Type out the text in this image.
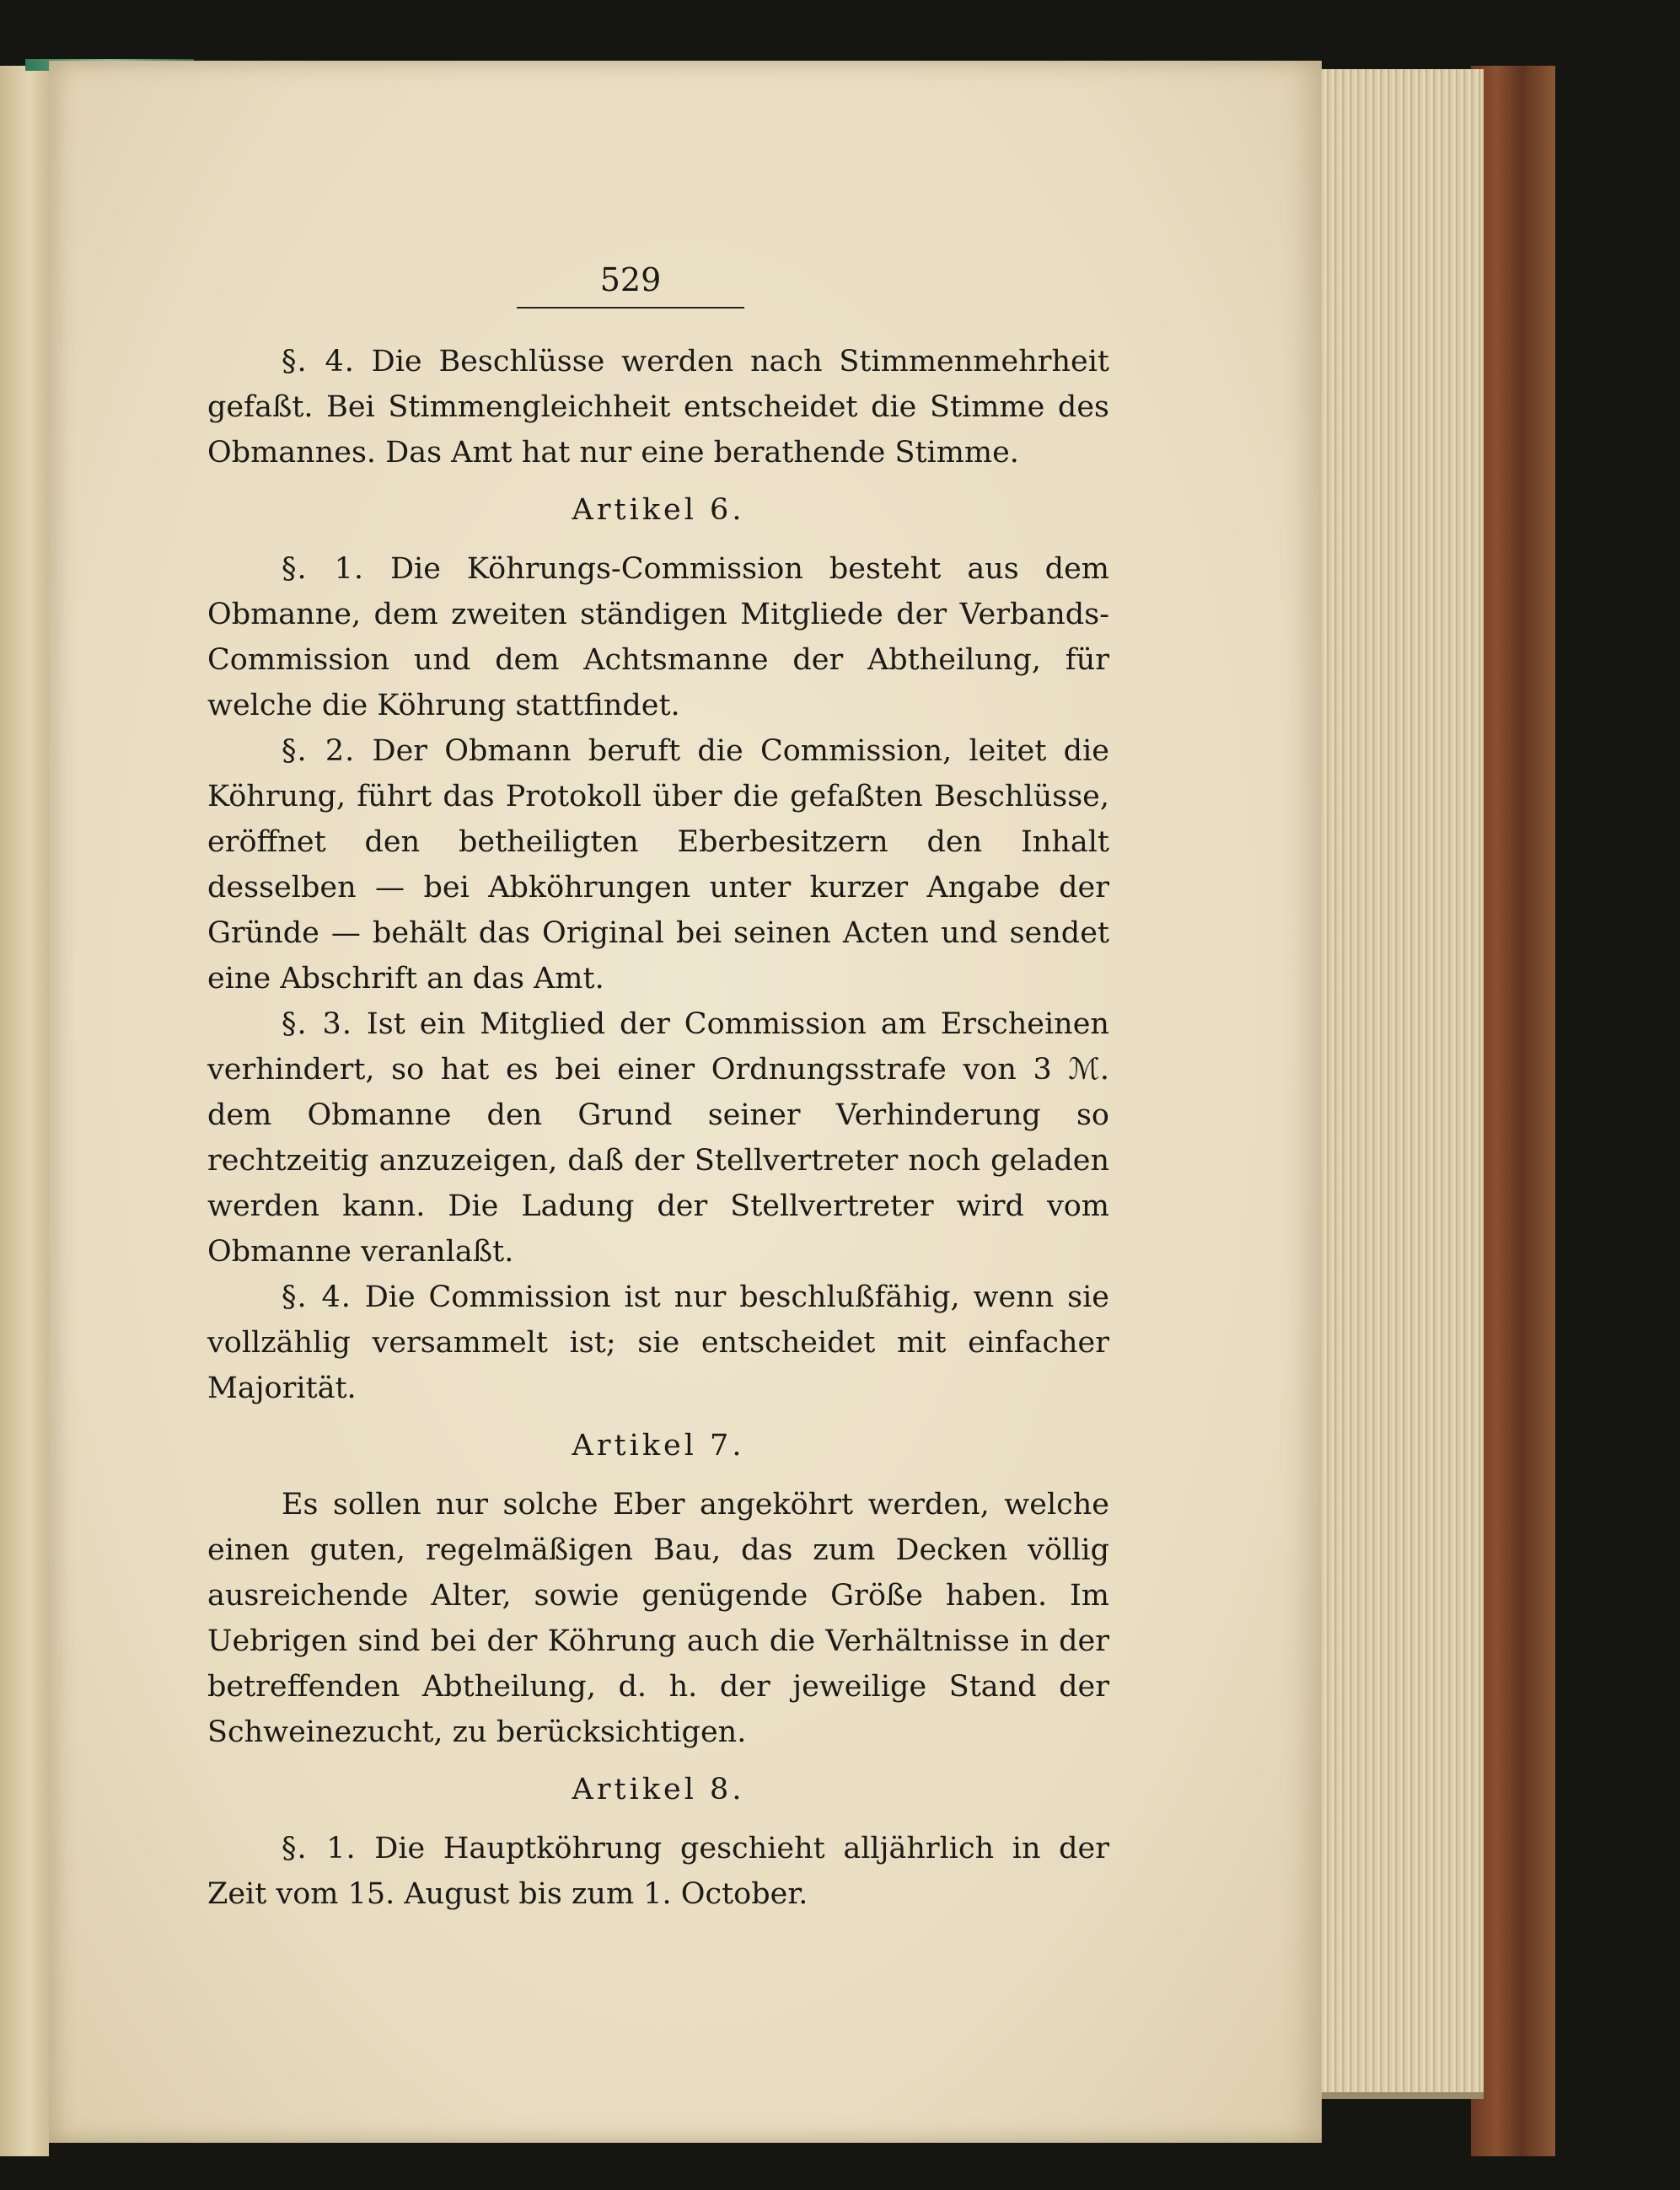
529

§. 4. Die Beschlüsse werden nach Stimmenmehrheit gefaßt. Bei Stimmengleichheit entscheidet die Stimme des Obmannes. Das Amt hat nur eine berathende Stimme.

Artikel 6.

§. 1. Die Köhrungs-Commission besteht aus dem Obmanne, dem zweiten ständigen Mitgliede der Verbands-Commission und dem Achtsmanne der Abtheilung, für welche die Köhrung stattfindet.

§. 2. Der Obmann beruft die Commission, leitet die Köhrung, führt das Protokoll über die gefaßten Beschlüsse, eröffnet den betheiligten Eberbesitzern den Inhalt desselben — bei Abköhrungen unter kurzer Angabe der Gründe — behält das Original bei seinen Acten und sendet eine Abschrift an das Amt.

§. 3. Ist ein Mitglied der Commission am Erscheinen verhindert, so hat es bei einer Ordnungsstrafe von 3 ℳ. dem Obmanne den Grund seiner Verhinderung so rechtzeitig anzuzeigen, daß der Stellvertreter noch geladen werden kann. Die Ladung der Stellvertreter wird vom Obmanne veranlaßt.

§. 4. Die Commission ist nur beschlußfähig, wenn sie vollzählig versammelt ist; sie entscheidet mit einfacher Majorität.

Artikel 7.

Es sollen nur solche Eber angeköhrt werden, welche einen guten, regelmäßigen Bau, das zum Decken völlig ausreichende Alter, sowie genügende Größe haben. Im Uebrigen sind bei der Köhrung auch die Verhältnisse in der betreffenden Abtheilung, d. h. der jeweilige Stand der Schweinezucht, zu berücksichtigen.

Artikel 8.

§. 1. Die Hauptköhrung geschieht alljährlich in der Zeit vom 15. August bis zum 1. October.
